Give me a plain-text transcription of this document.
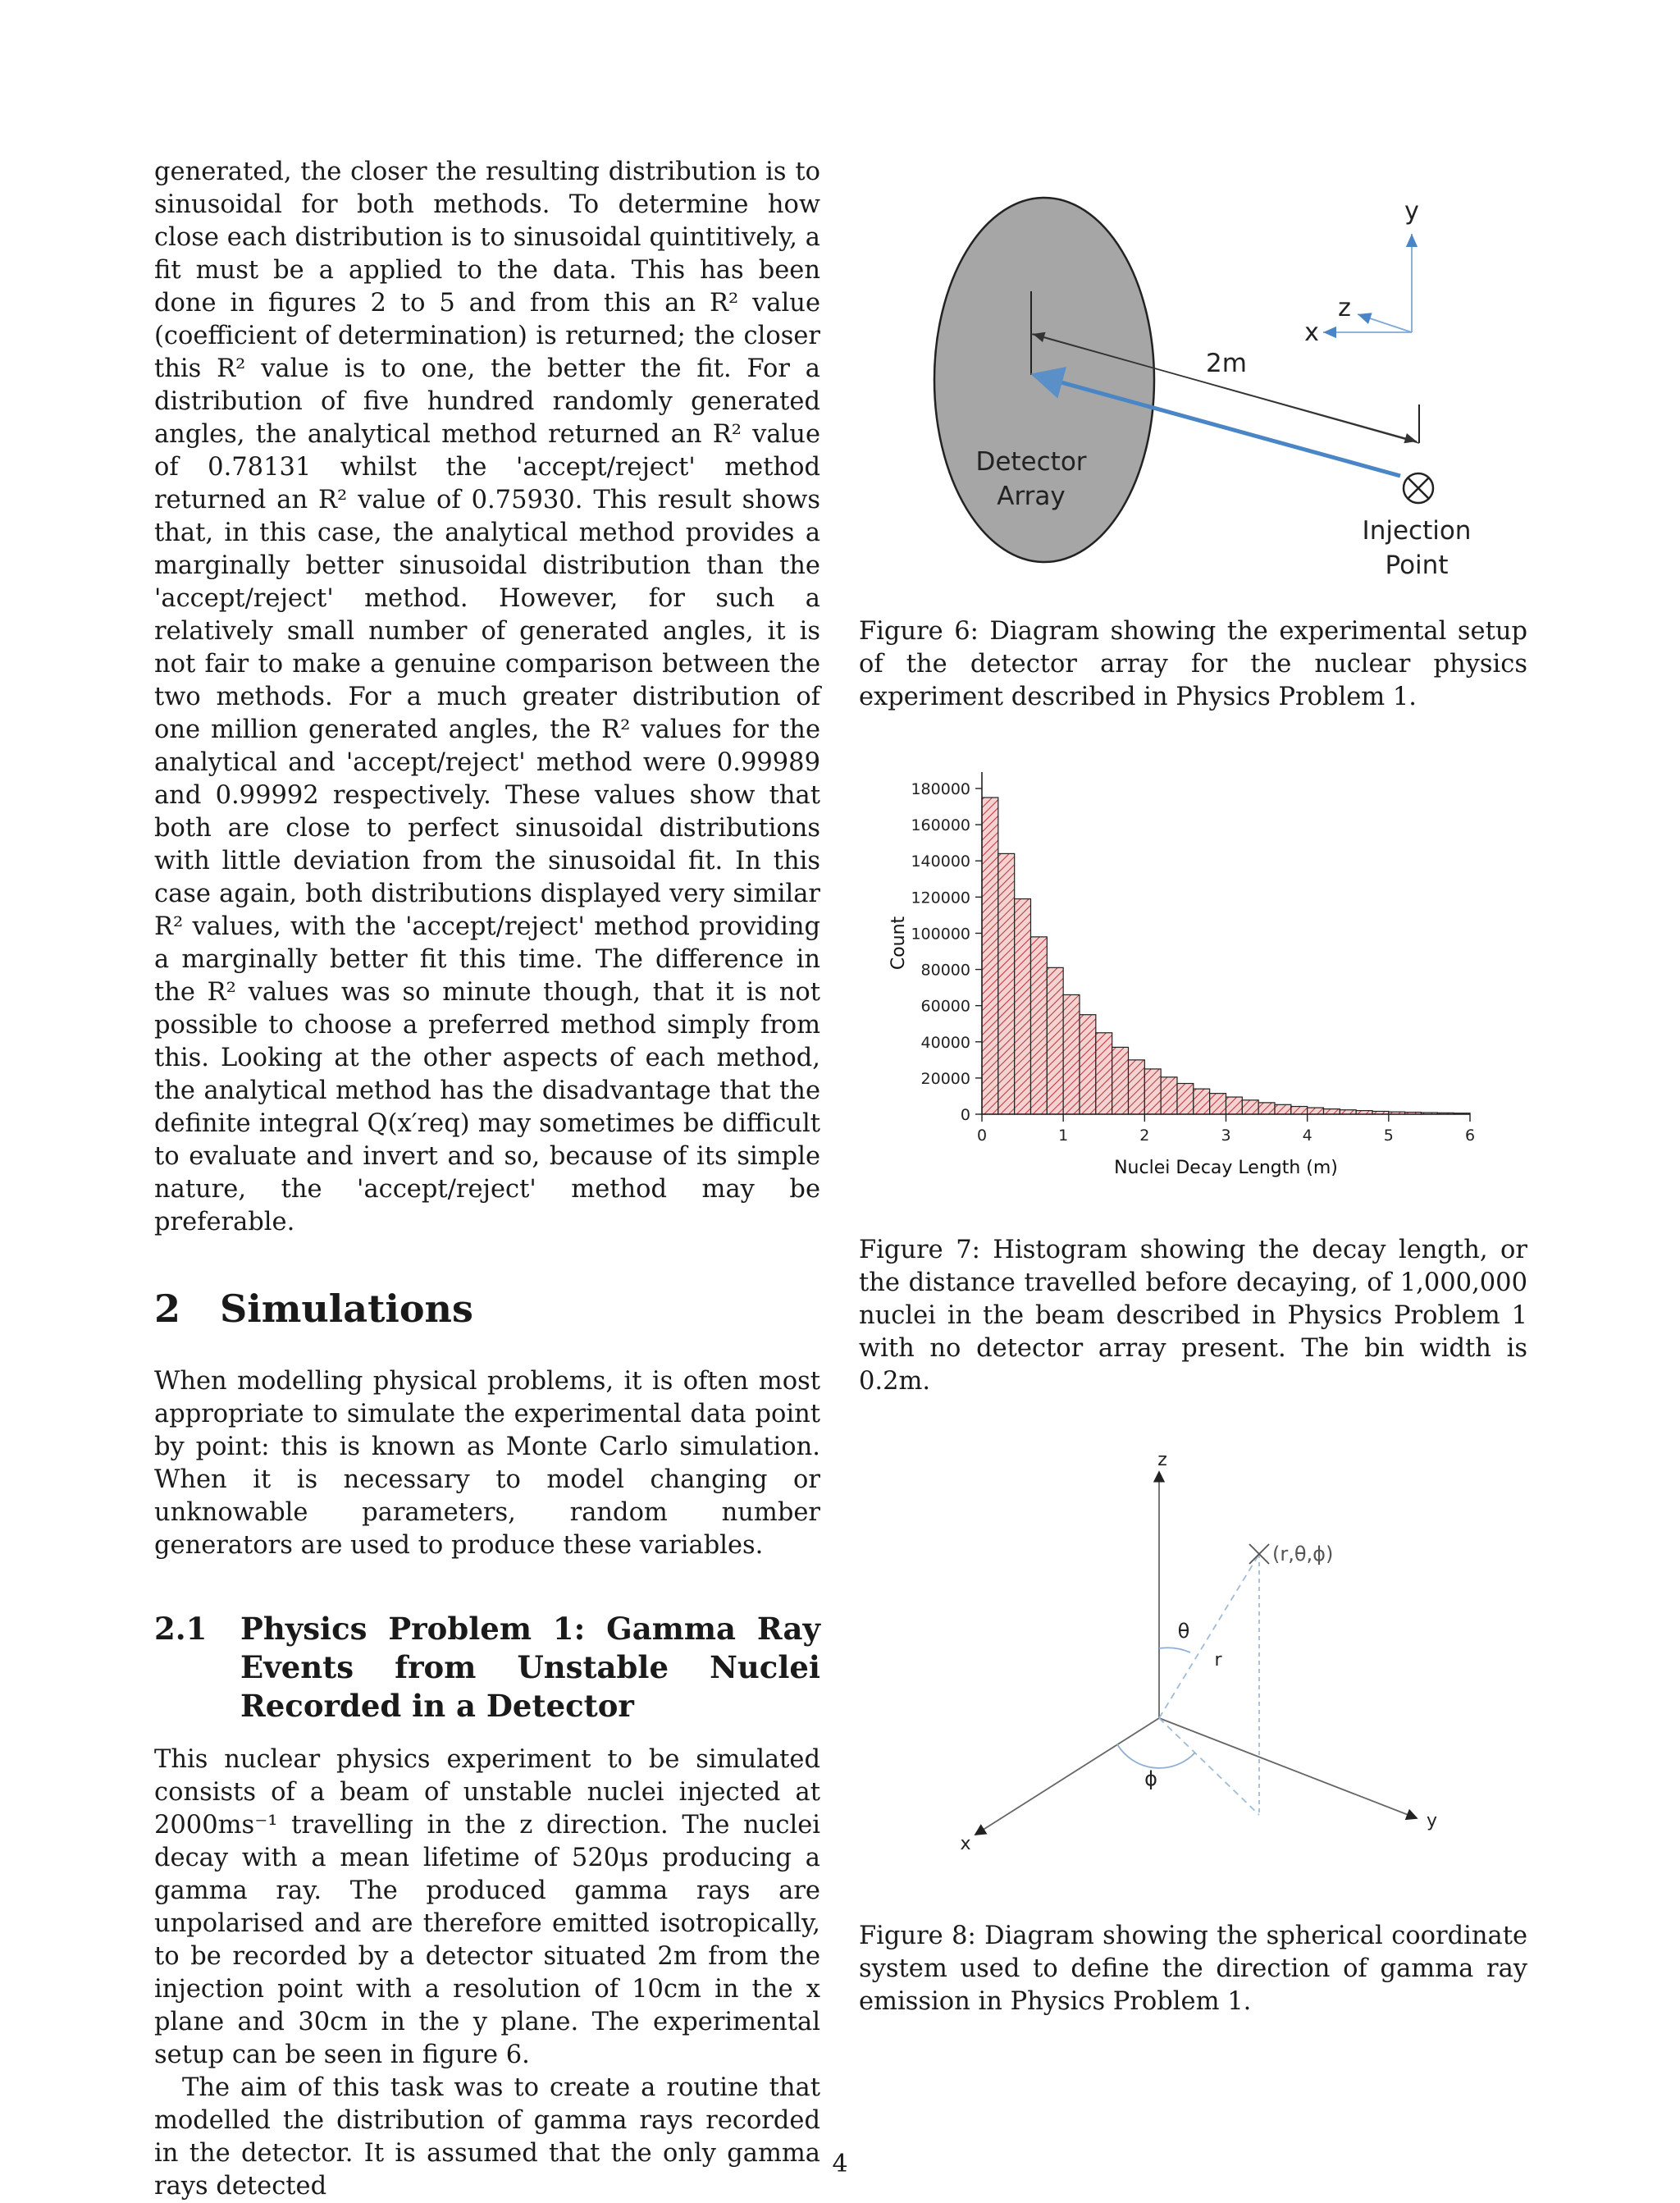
generated, the closer the resulting distribution is to sinusoidal for both methods. To determine how close each distribution is to sinusoidal quintitively, a fit must be a applied to the data. This has been done in figures 2 to 5 and from this an R² value (coefficient of determination) is returned; the closer this R² value is to one, the better the fit. For a distribution of five hundred randomly generated angles, the analytical method returned an R² value of 0.78131 whilst the 'accept/reject' method returned an R² value of 0.75930. This result shows that, in this case, the analytical method provides a marginally better sinusoidal distribution than the 'accept/reject' method. However, for such a relatively small number of generated angles, it is not fair to make a genuine comparison between the two methods. For a much greater distribution of one million generated angles, the R² values for the analytical and 'accept/reject' method were 0.99989 and 0.99992 respectively. These values show that both are close to perfect sinusoidal distributions with little deviation from the sinusoidal fit. In this case again, both distributions displayed very similar R² values, with the 'accept/reject' method providing a marginally better fit this time. The difference in the R² values was so minute though, that it is not possible to choose a preferred method simply from this. Looking at the other aspects of each method, the analytical method has the disadvantage that the definite integral Q(x′req) may sometimes be difficult to evaluate and invert and so, because of its simple nature, the 'accept/reject' method may be preferable.

2	Simulations

When modelling physical problems, it is often most appropriate to simulate the experimental data point by point: this is known as Monte Carlo simulation. When it is necessary to model changing or unknowable parameters, random number generators are used to produce these variables.

2.1	Physics Problem 1: Gamma Ray Events from Unstable Nuclei Recorded in a Detector

This nuclear physics experiment to be simulated consists of a beam of unstable nuclei injected at 2000ms⁻¹ travelling in the z direction. The nuclei decay with a mean lifetime of 520μs producing a gamma ray. The produced gamma rays are unpolarised and are therefore emitted isotropically, to be recorded by a detector situated 2m from the injection point with a resolution of 10cm in the x plane and 30cm in the y plane. The experimental setup can be seen in figure 6.

The aim of this task was to create a routine that modelled the distribution of gamma rays recorded in the detector. It is assumed that the only gamma rays detected

y
x
z
2m
Detector
Array
Injection
Point

Figure 6: Diagram showing the experimental setup of the detector array for the nuclear physics experiment described in Physics Problem 1.

0	1	2	3	4	5	6
0
20000
40000
60000
80000
100000
120000
140000
160000
180000
Nuclei Decay Length (m)
Count

Figure 7: Histogram showing the decay length, or the distance travelled before decaying, of 1,000,000 nuclei in the beam described in Physics Problem 1 with no detector array present. The bin width is 0.2m.

z
y
x
(r,θ,ϕ)
θ
r
ϕ

Figure 8: Diagram showing the spherical coordinate system used to define the direction of gamma ray emission in Physics Problem 1.

4
